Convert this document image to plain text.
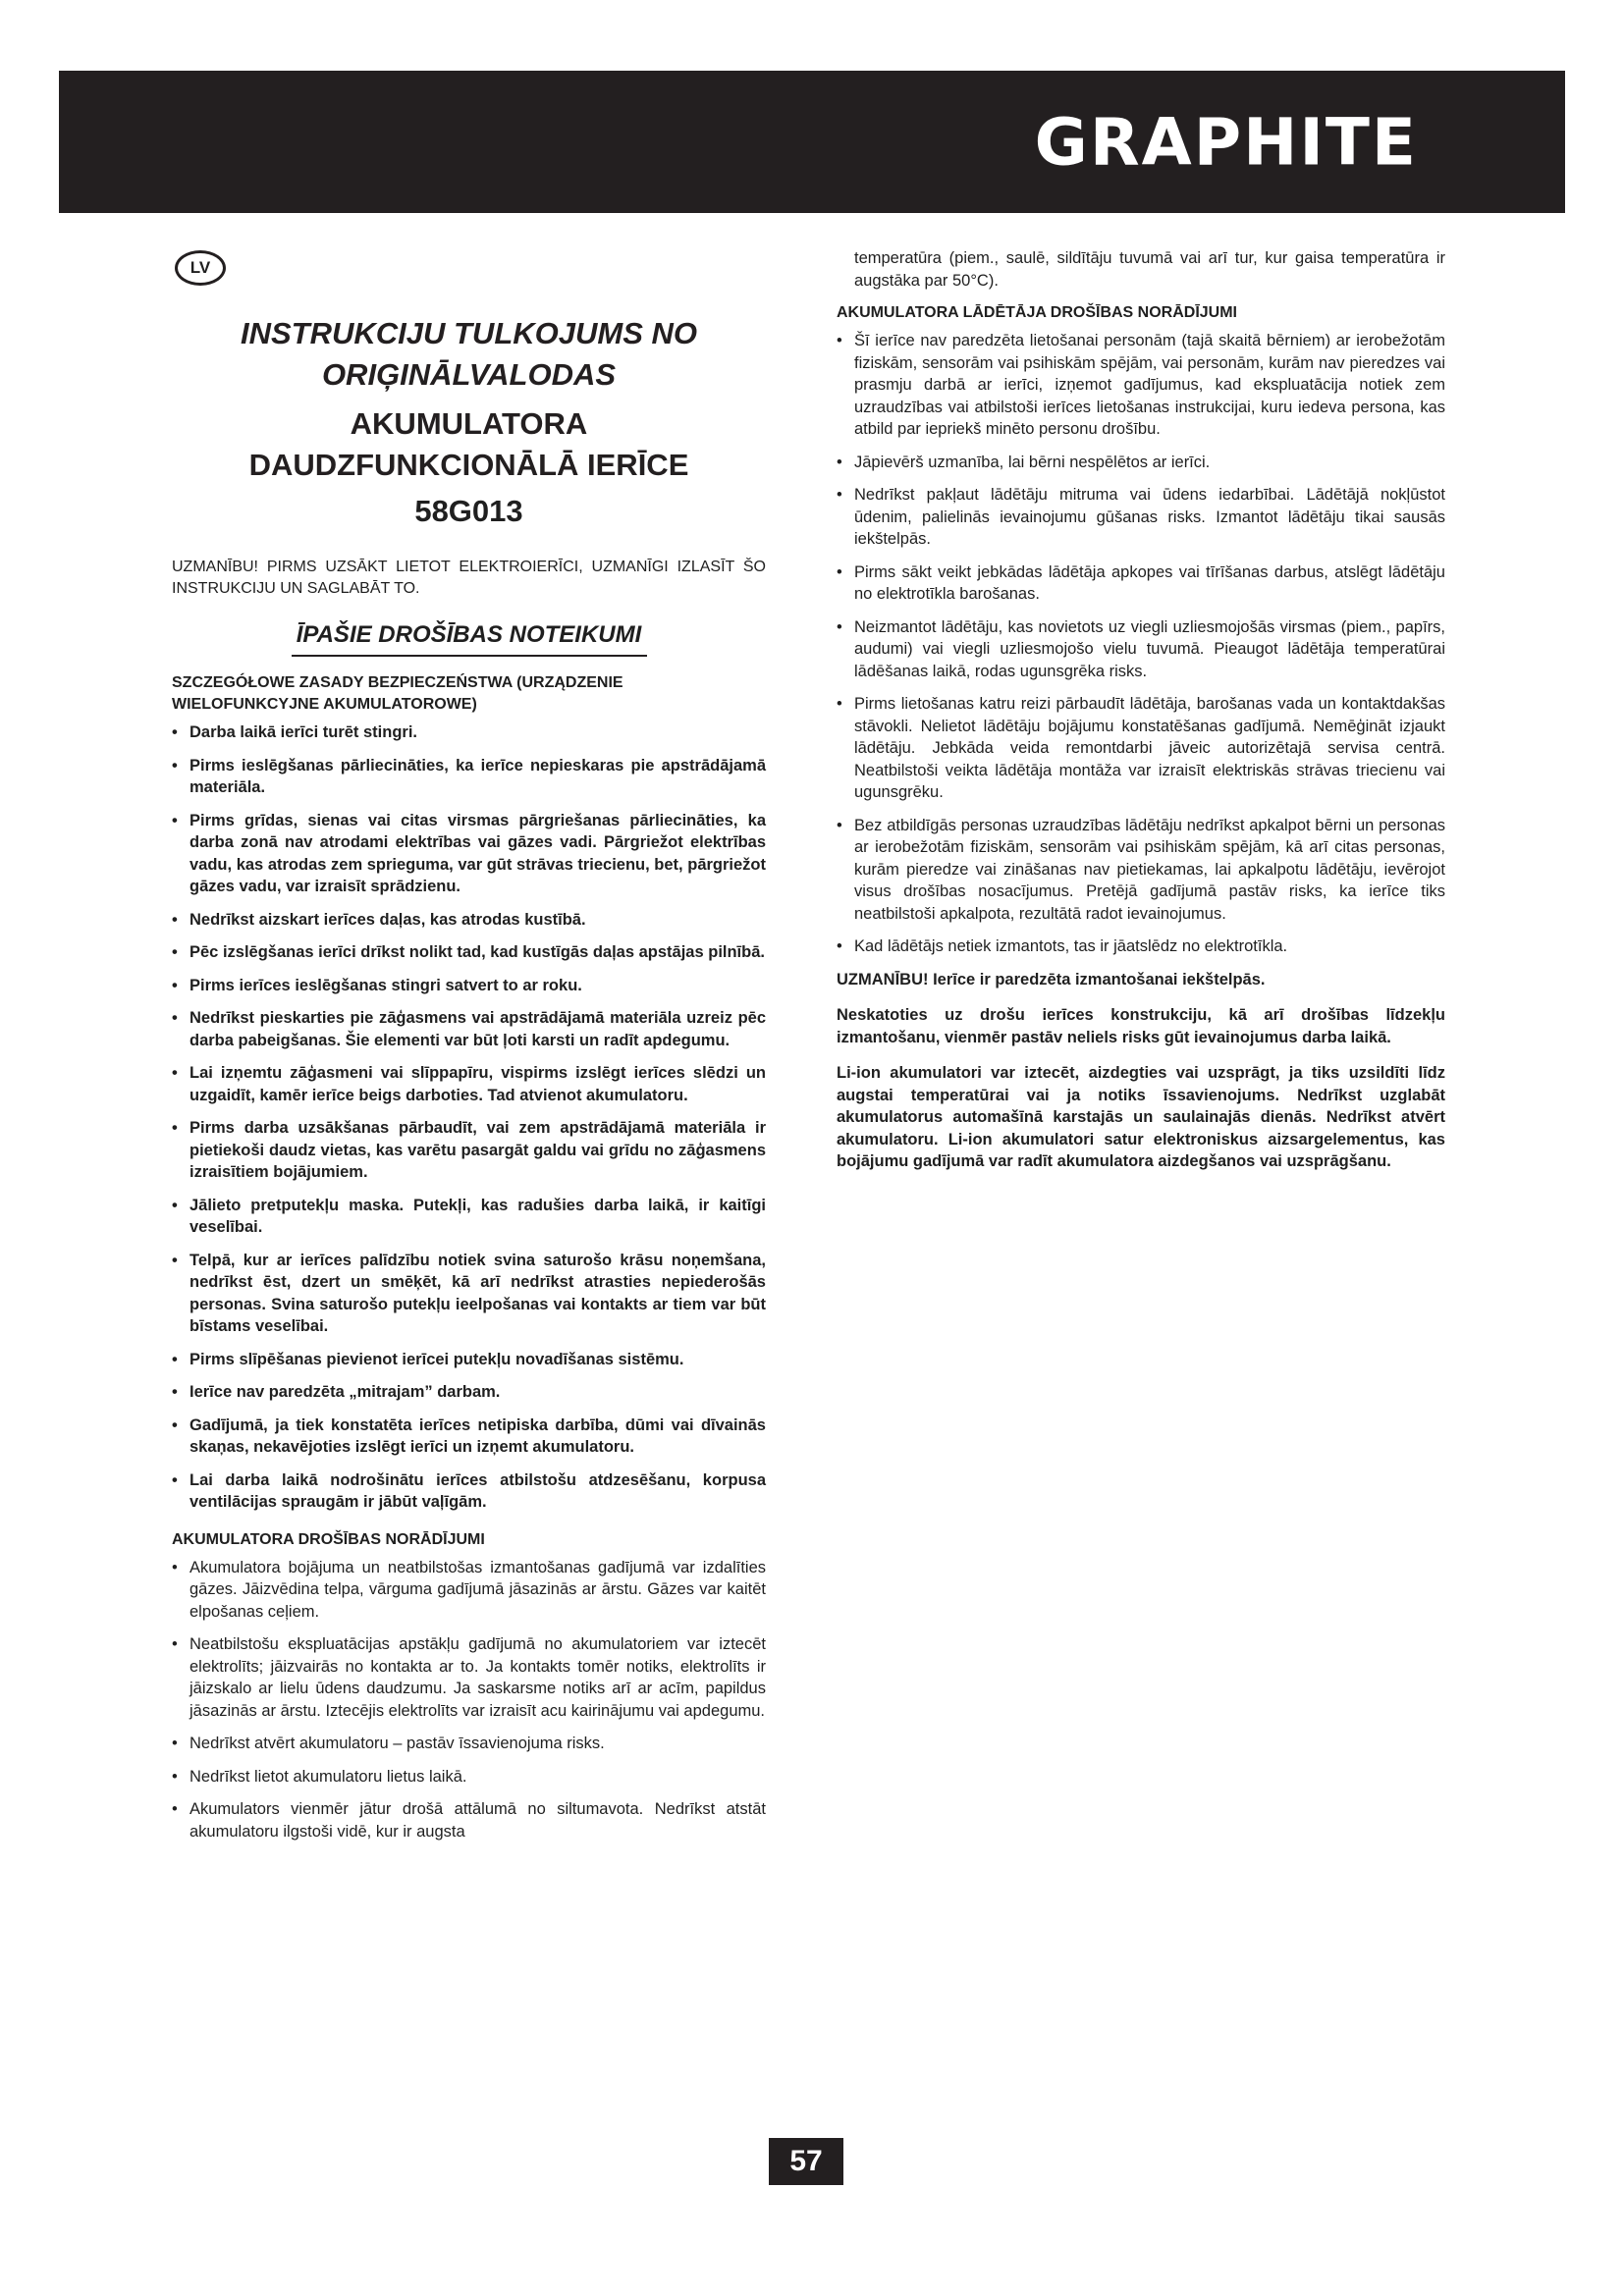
GRAPHITE
LV
INSTRUKCIJU TULKOJUMS NO
ORIĢINĀLVALODAS
AKUMULATORA
DAUDZFUNKCIONĀLĀ IERĪCE
58G013

UZMANĪBU! PIRMS UZSĀKT LIETOT ELEKTROIERĪCI, UZMANĪGI IZLASĪT ŠO INSTRUKCIJU UN SAGLABĀT TO.

ĪPAŠIE DROŠĪBAS NOTEIKUMI
SZCZEGÓŁOWE ZASADY BEZPIECZEŃSTWA (URZĄDZENIE WIELOFUNKCYJNE AKUMULATOROWE)
• Darba laikā ierīci turēt stingri.
• Pirms ieslēgšanas pārliecināties, ka ierīce nepieskaras pie apstrādājamā materiāla.
• Pirms grīdas, sienas vai citas virsmas pārgriešanas pārliecināties, ka darba zonā nav atrodami elektrības vai gāzes vadi. Pārgriežot elektrības vadu, kas atrodas zem sprieguma, var gūt strāvas triecienu, bet, pārgriežot gāzes vadu, var izraisīt sprādzienu.
• Nedrīkst aizskart ierīces daļas, kas atrodas kustībā.
• Pēc izslēgšanas ierīci drīkst nolikt tad, kad kustīgās daļas apstājas pilnībā.
• Pirms ierīces ieslēgšanas stingri satvert to ar roku.
• Nedrīkst pieskarties pie zāģasmens vai apstrādājamā materiāla uzreiz pēc darba pabeigšanas. Šie elementi var būt ļoti karsti un radīt apdegumu.
• Lai izņemtu zāģasmeni vai slīppapīru, vispirms izslēgt ierīces slēdzi un uzgaidīt, kamēr ierīce beigs darboties. Tad atvienot akumulatoru.
• Pirms darba uzsākšanas pārbaudīt, vai zem apstrādājamā materiāla ir pietiekoši daudz vietas, kas varētu pasargāt galdu vai grīdu no zāģasmens izraisītiem bojājumiem.
• Jālieto pretputekļu maska. Putekļi, kas radušies darba laikā, ir kaitīgi veselībai.
• Telpā, kur ar ierīces palīdzību notiek svina saturošo krāsu noņemšana, nedrīkst ēst, dzert un smēķēt, kā arī nedrīkst atrasties nepiederošās personas. Svina saturošo putekļu ieelpošanas vai kontakts ar tiem var būt bīstams veselībai.
• Pirms slīpēšanas pievienot ierīcei putekļu novadīšanas sistēmu.
• Ierīce nav paredzēta „mitrajam” darbam.
• Gadījumā, ja tiek konstatēta ierīces netipiska darbība, dūmi vai dīvainās skaņas, nekavējoties izslēgt ierīci un izņemt akumulatoru.
• Lai darba laikā nodrošinātu ierīces atbilstošu atdzesēšanu, korpusa ventilācijas spraugām ir jābūt vaļīgām.
AKUMULATORA DROŠĪBAS NORĀDĪJUMI
• Akumulatora bojājuma un neatbilstošas izmantošanas gadījumā var izdalīties gāzes. Jāizvēdina telpa, vārguma gadījumā jāsazinās ar ārstu. Gāzes var kaitēt elpošanas ceļiem.
• Neatbilstošu ekspluatācijas apstākļu gadījumā no akumulatoriem var iztecēt elektrolīts; jāizvairās no kontakta ar to. Ja kontakts tomēr notiks, elektrolīts ir jāizskalo ar lielu ūdens daudzumu. Ja saskarsme notiks arī ar acīm, papildus jāsazinās ar ārstu. Iztecējis elektrolīts var izraisīt acu kairinājumu vai apdegumu.
• Nedrīkst atvērt akumulatoru – pastāv īssavienojuma risks.
• Nedrīkst lietot akumulatoru lietus laikā.
• Akumulators vienmēr jātur drošā attālumā no siltumavota. Nedrīkst atstāt akumulatoru ilgstoši vidē, kur ir augsta

temperatūra (piem., saulē, sildītāju tuvumā vai arī tur, kur gaisa temperatūra ir augstāka par 50°C).

AKUMULATORA LĀDĒTĀJA DROŠĪBAS NORĀDĪJUMI
• Šī ierīce nav paredzēta lietošanai personām (tajā skaitā bērniem) ar ierobežotām fiziskām, sensorām vai psihiskām spējām, vai personām, kurām nav pieredzes vai prasmju darbā ar ierīci, izņemot gadījumus, kad ekspluatācija notiek zem uzraudzības vai atbilstoši ierīces lietošanas instrukcijai, kuru iedeva persona, kas atbild par iepriekš minēto personu drošību.
• Jāpievērš uzmanība, lai bērni nespēlētos ar ierīci.
• Nedrīkst pakļaut lādētāju mitruma vai ūdens iedarbībai. Lādētājā nokļūstot ūdenim, palielinās ievainojumu gūšanas risks. Izmantot lādētāju tikai sausās iekštelpās.
• Pirms sākt veikt jebkādas lādētāja apkopes vai tīrīšanas darbus, atslēgt lādētāju no elektrotīkla barošanas.
• Neizmantot lādētāju, kas novietots uz viegli uzliesmojošās virsmas (piem., papīrs, audumi) vai viegli uzliesmojošo vielu tuvumā. Pieaugot lādētāja temperatūrai lādēšanas laikā, rodas ugunsgrēka risks.
• Pirms lietošanas katru reizi pārbaudīt lādētāja, barošanas vada un kontaktdakšas stāvokli. Nelietot lādētāju bojājumu konstatēšanas gadījumā. Nemēģināt izjaukt lādētāju. Jebkāda veida remontdarbi jāveic autorizētajā servisa centrā. Neatbilstoši veikta lādētāja montāža var izraisīt elektriskās strāvas triecienu vai ugunsgrēku.
• Bez atbildīgās personas uzraudzības lādētāju nedrīkst apkalpot bērni un personas ar ierobežotām fiziskām, sensorām vai psihiskām spējām, kā arī citas personas, kurām pieredze vai zināšanas nav pietiekamas, lai apkalpotu lādētāju, ievērojot visus drošības nosacījumus. Pretējā gadījumā pastāv risks, ka ierīce tiks neatbilstoši apkalpota, rezultātā radot ievainojumus.
• Kad lādētājs netiek izmantots, tas ir jāatslēdz no elektrotīkla.

UZMANĪBU! Ierīce ir paredzēta izmantošanai iekštelpās.

Neskatoties uz drošu ierīces konstrukciju, kā arī drošības līdzekļu izmantošanu, vienmēr pastāv neliels risks gūt ievainojumus darba laikā.

Li-ion akumulatori var iztecēt, aizdegties vai uzsprāgt, ja tiks uzsildīti līdz augstai temperatūrai vai ja notiks īssavienojums. Nedrīkst uzglabāt akumulatorus automašīnā karstajās un saulainajās dienās. Nedrīkst atvērt akumulatoru. Li-ion akumulatori satur elektroniskus aizsargelementus, kas bojājumu gadījumā var radīt akumulatora aizdegšanos vai uzsprāgšanu.

57
